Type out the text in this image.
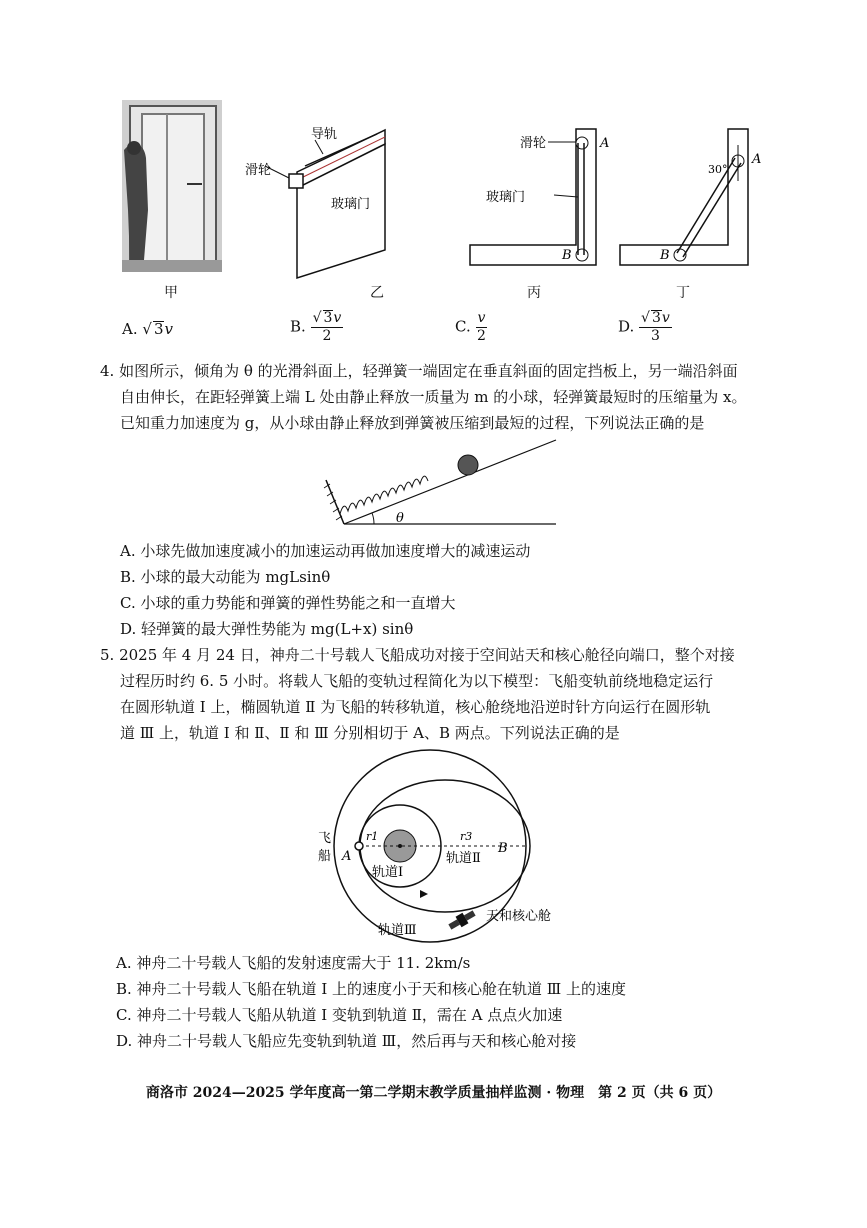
甲
导轨
滑轮
玻璃门
乙
滑轮
玻璃门
A
B
丙
30°
A
B
丁
A. √ 3v	B. $\frac{√ 3v}{2}$	C. $\frac{v}{2}$	D. $\frac{√ 3v}{3}$
4. 如图所示，倾角为 θ 的光滑斜面上，轻弹簧一端固定在垂直斜面的固定挡板上，另一端沿斜面
自由伸长，在距轻弹簧上端 L 处由静止释放一质量为 m 的小球，轻弹簧最短时的压缩量为 x。
已知重力加速度为 g，从小球由静止释放到弹簧被压缩到最短的过程，下列说法正确的是
θ
A. 小球先做加速度减小的加速运动再做加速度增大的减速运动
B. 小球的最大动能为 mgLsinθ
C. 小球的重力势能和弹簧的弹性势能之和一直增大
D. 轻弹簧的最大弹性势能为 mg(L+x) sinθ
5. 2025 年 4 月 24 日，神舟二十号载人飞船成功对接于空间站天和核心舱径向端口，整个对接
过程历时约 6. 5 小时。将载人飞船的变轨过程简化为以下模型：飞船变轨前绕地稳定运行
在圆形轨道 Ⅰ 上，椭圆轨道 Ⅱ 为飞船的转移轨道，核心舱绕地沿逆时针方向运行在圆形轨
道 Ⅲ 上，轨道 Ⅰ 和 Ⅱ、Ⅱ 和 Ⅲ 分别相切于 A、B 两点。下列说法正确的是
飞
船 A
B
r1	r3
轨道Ⅰ
轨道Ⅱ
轨道Ⅲ
天和核心舱
A. 神舟二十号载人飞船的发射速度需大于 11. 2km/s
B. 神舟二十号载人飞船在轨道 Ⅰ 上的速度小于天和核心舱在轨道 Ⅲ 上的速度
C. 神舟二十号载人飞船从轨道 Ⅰ 变轨到轨道 Ⅱ，需在 A 点点火加速
D. 神舟二十号载人飞船应先变轨到轨道 Ⅲ，然后再与天和核心舱对接
商洛市 2024—2025 学年度高一第二学期末教学质量抽样监测 · 物理　第 2 页（共 6 页）
